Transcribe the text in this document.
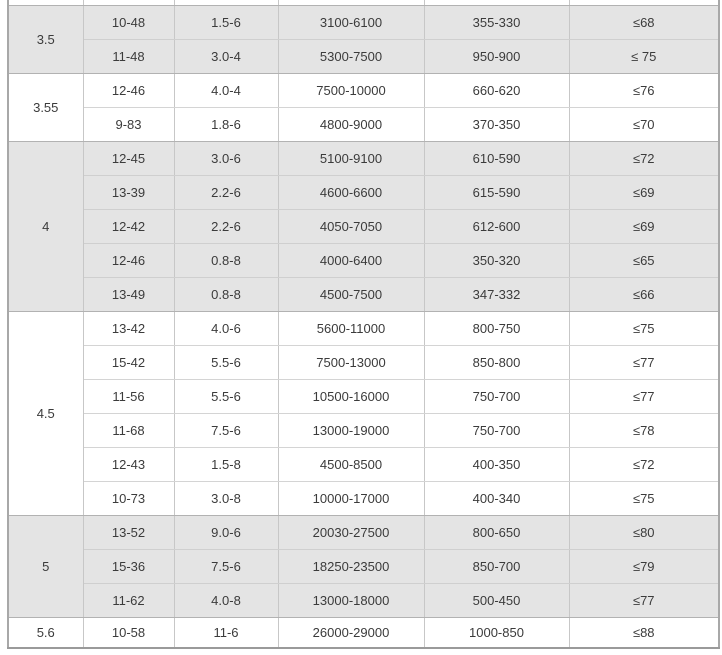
3.5	10-48	1.5-6	3100-6100	355-330	≤68
	11-48	3.0-4	5300-7500	950-900	≤ 75
3.55	12-46	4.0-4	7500-10000	660-620	≤76
	9-83	1.8-6	4800-9000	370-350	≤70
4	12-45	3.0-6	5100-9100	610-590	≤72
	13-39	2.2-6	4600-6600	615-590	≤69
	12-42	2.2-6	4050-7050	612-600	≤69
	12-46	0.8-8	4000-6400	350-320	≤65
	13-49	0.8-8	4500-7500	347-332	≤66
4.5	13-42	4.0-6	5600-11000	800-750	≤75
	15-42	5.5-6	7500-13000	850-800	≤77
	11-56	5.5-6	10500-16000	750-700	≤77
	11-68	7.5-6	13000-19000	750-700	≤78
	12-43	1.5-8	4500-8500	400-350	≤72
	10-73	3.0-8	10000-17000	400-340	≤75
5	13-52	9.0-6	20030-27500	800-650	≤80
	15-36	7.5-6	18250-23500	850-700	≤79
	11-62	4.0-8	13000-18000	500-450	≤77
5.6	10-58	11-6	26000-29000	1000-850	≤88
